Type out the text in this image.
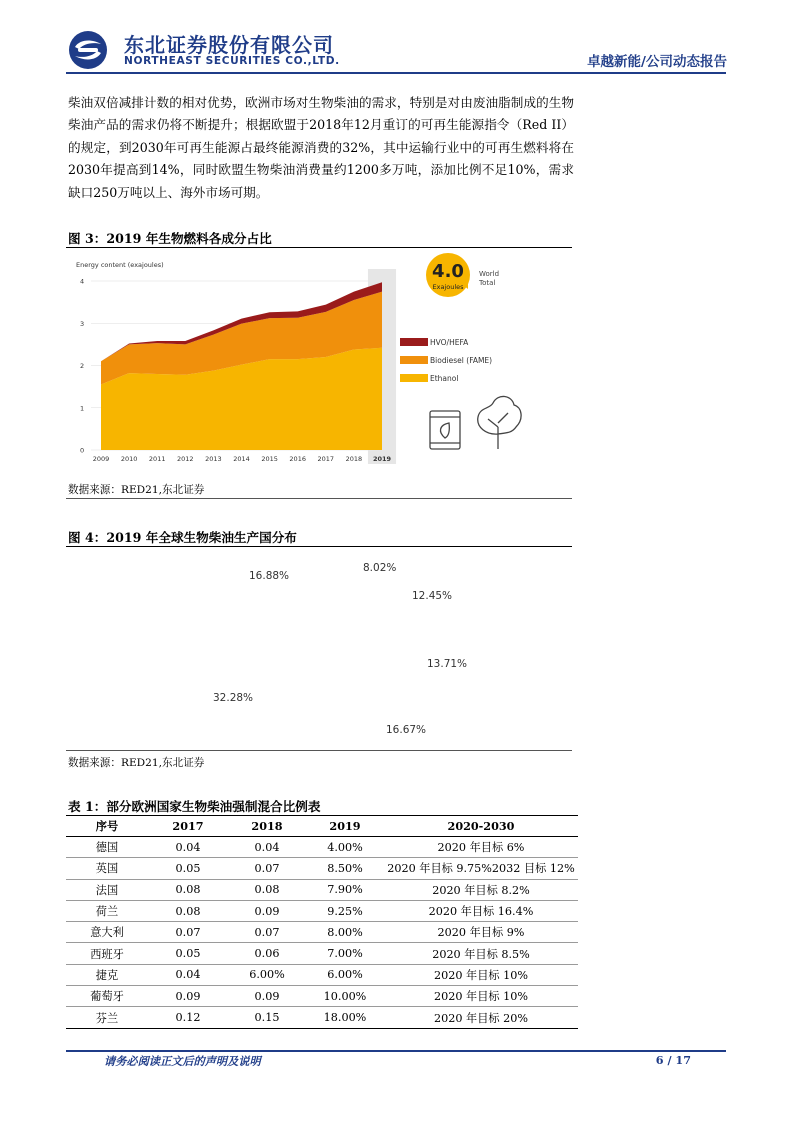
东北证券股份有限公司
NORTHEAST SECURITIES CO.,LTD.	卓越新能/公司动态报告
柴油双倍减排计数的相对优势，欧洲市场对生物柴油的需求，特别是对由废油脂制成的生物柴油产品的需求仍将不断提升；根据欧盟于2018年12月重订的可再生能源指令（Red II）的规定，到2030年可再生能源占最终能源消费的32%，其中运输行业中的可再生燃料将在2030年提高到14%，同时欧盟生物柴油消费量约1200多万吨，添加比例不足10%，需求缺口250万吨以上、海外市场可期。
图 3：2019 年生物燃料各成分占比
0
1
2
3
4
2009 2010 2011 2012 2013 2014 2015 2016 2017 2018 2019
Energy content (exajoules)	4.0
Exajoules
World
Total
HVO/HEFA
Biodiesel (FAME)
Ethanol
数据来源：RED21,东北证券
图 4：2019 年全球生物柴油生产国分布
16.88%
8.02%
12.45%
13.71%
32.28%
16.67%
数据来源：RED21,东北证券
表 1：部分欧洲国家生物柴油强制混合比例表
序号	2017	2018	2019	2020-2030
德国	0.04	0.04	4.00%	2020 年目标 6%
英国	0.05	0.07	8.50%	2020 年目标 9.75%2032 目标 12%
法国	0.08	0.08	7.90%	2020 年目标 8.2%
荷兰	0.08	0.09	9.25%	2020 年目标 16.4%
意大利	0.07	0.07	8.00%	2020 年目标 9%
西班牙	0.05	0.06	7.00%	2020 年目标 8.5%
捷克	0.04	6.00%	6.00%	2020 年目标 10%
葡萄牙	0.09	0.09	10.00%	2020 年目标 10%
芬兰	0.12	0.15	18.00%	2020 年目标 20%
请务必阅读正文后的声明及说明	6 / 17
